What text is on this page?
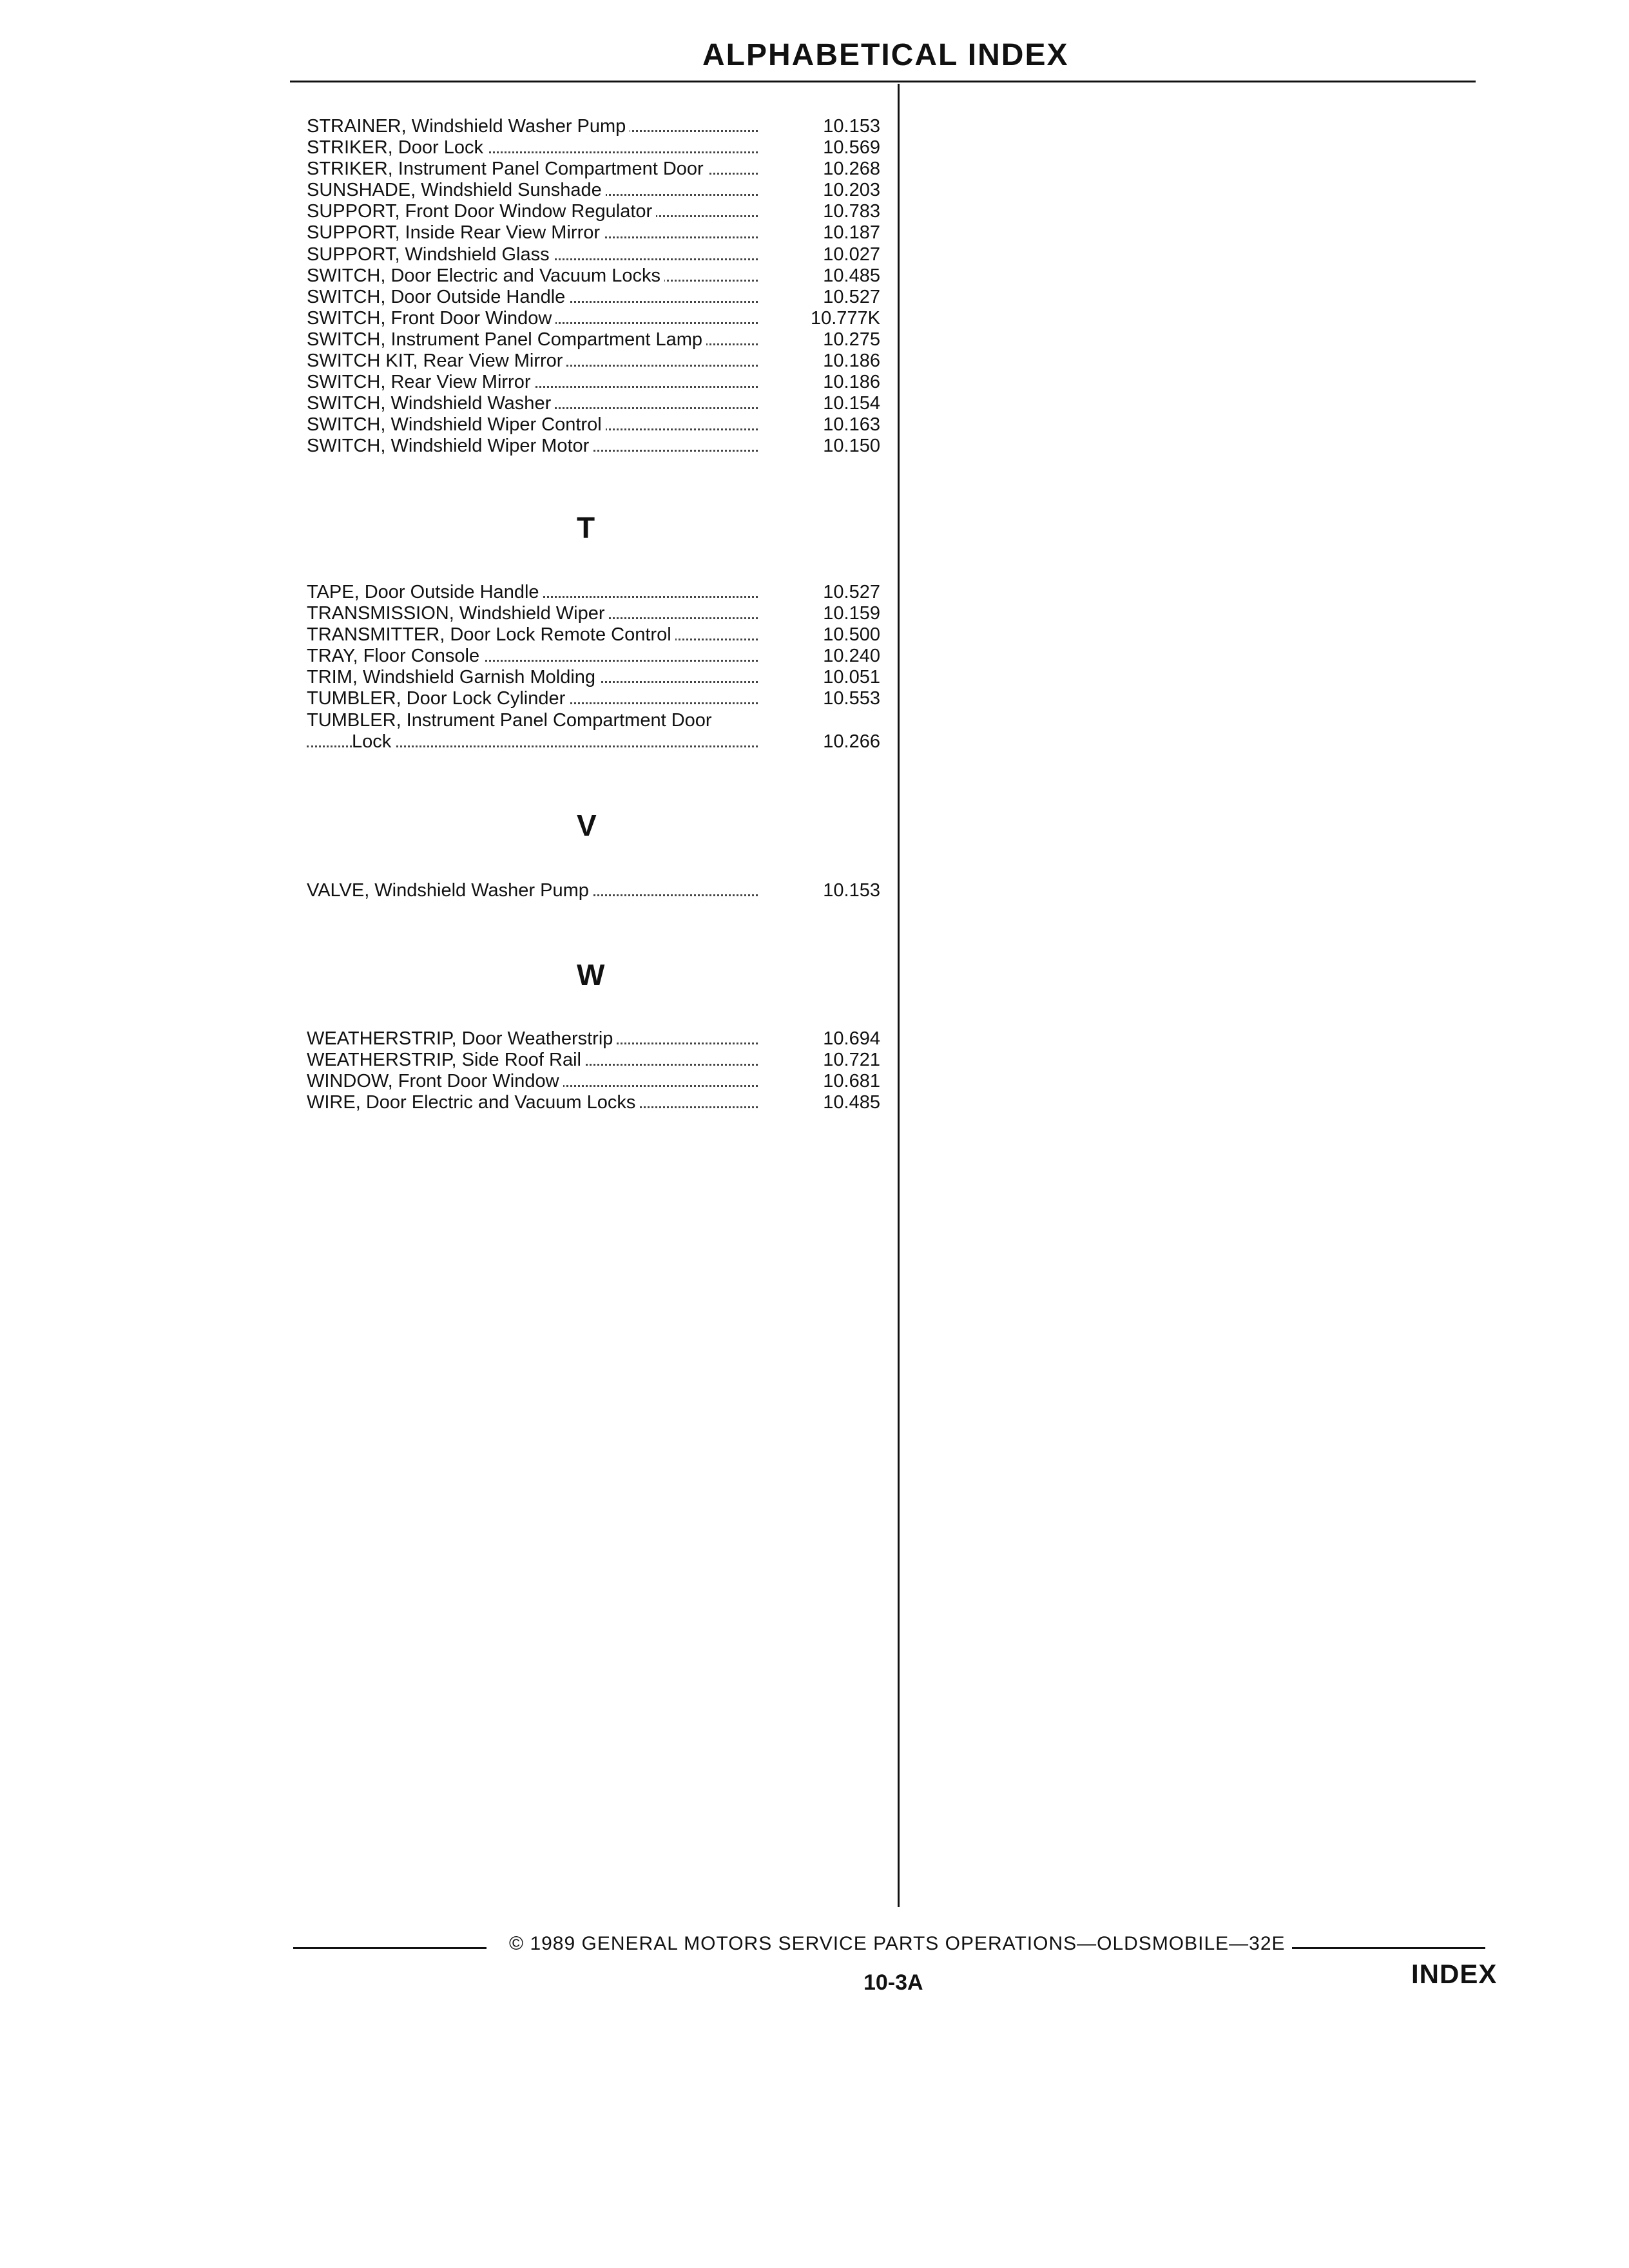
ALPHABETICAL INDEX
STRAINER, Windshield Washer Pump	10.153
STRIKER, Door Lock	10.569
STRIKER, Instrument Panel Compartment Door	10.268
SUNSHADE, Windshield Sunshade	10.203
SUPPORT, Front Door Window Regulator	10.783
SUPPORT, Inside Rear View Mirror	10.187
SUPPORT, Windshield Glass	10.027
SWITCH, Door Electric and Vacuum Locks	10.485
SWITCH, Door Outside Handle	10.527
SWITCH, Front Door Window	10.777K
SWITCH, Instrument Panel Compartment Lamp	10.275
SWITCH KIT, Rear View Mirror	10.186
SWITCH, Rear View Mirror	10.186
SWITCH, Windshield Washer	10.154
SWITCH, Windshield Wiper Control	10.163
SWITCH, Windshield Wiper Motor	10.150
T
TAPE, Door Outside Handle	10.527
TRANSMISSION, Windshield Wiper	10.159
TRANSMITTER, Door Lock Remote Control	10.500
TRAY, Floor Console	10.240
TRIM, Windshield Garnish Molding	10.051
TUMBLER, Door Lock Cylinder	10.553
TUMBLER, Instrument Panel Compartment Door
Lock	10.266
V
VALVE, Windshield Washer Pump	10.153
W
WEATHERSTRIP, Door Weatherstrip	10.694
WEATHERSTRIP, Side Roof Rail	10.721
WINDOW, Front Door Window	10.681
WIRE, Door Electric and Vacuum Locks	10.485
© 1989 GENERAL MOTORS SERVICE PARTS OPERATIONS—OLDSMOBILE—32E
10-3A	INDEX
